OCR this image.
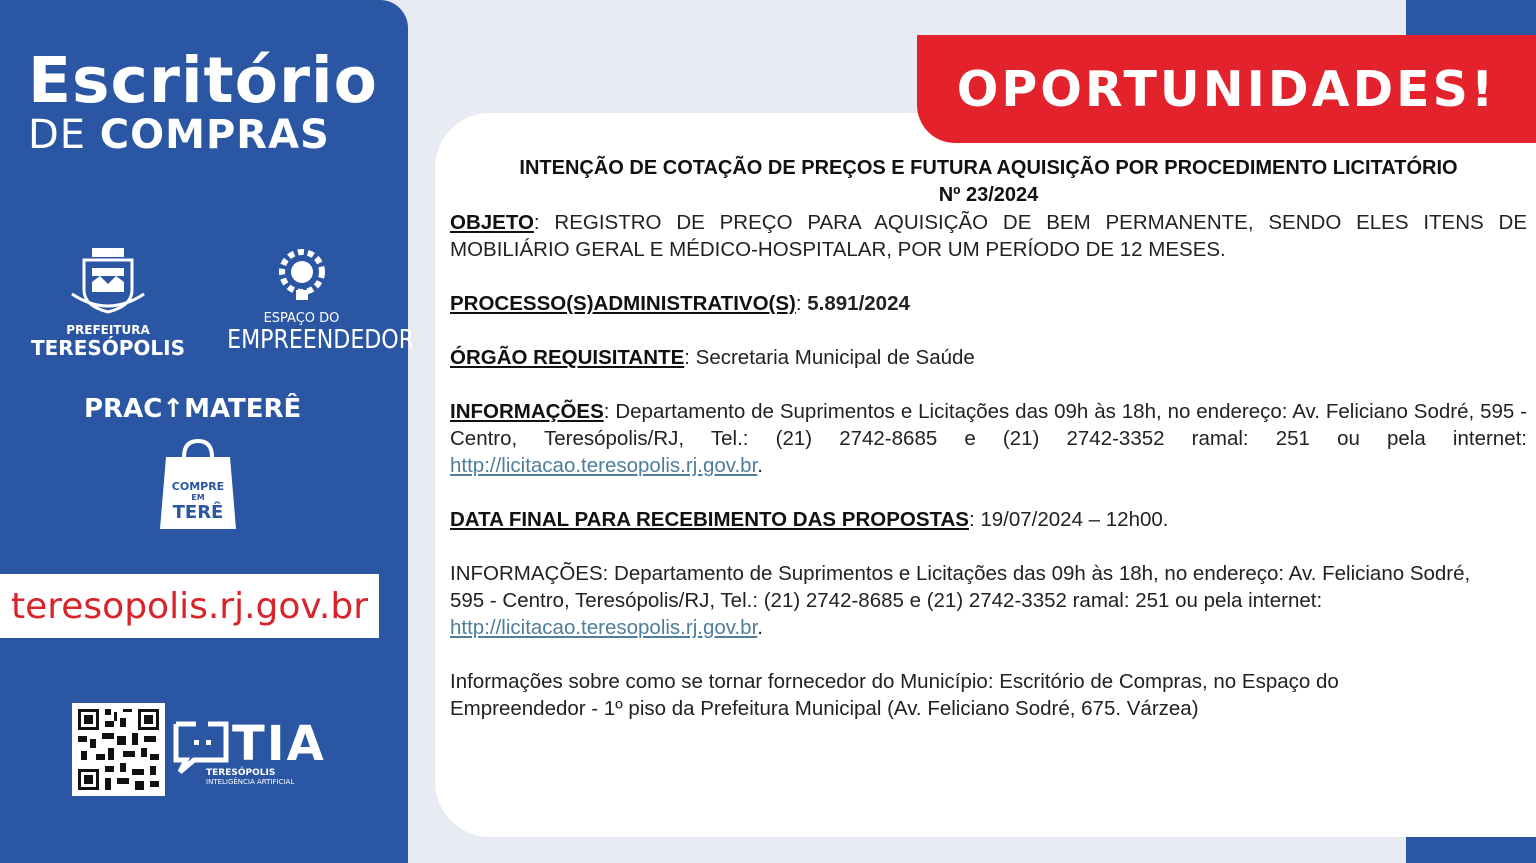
OPORTUNIDADES!
Escritório
DE COMPRAS
PREFEITURA
TERESÓPOLIS
ESPAÇO DO
EMPREENDEDOR
PRAC↑MATERÊ
COMPRE
EM
TERÊ
teresopolis.rj.gov.br
TIA
TERESÓPOLIS
INTELIGÊNCIA ARTIFICIAL
INTENÇÃO DE COTAÇÃO DE PREÇOS E FUTURA AQUISIÇÃO POR PROCEDIMENTO LICITATÓRIO
Nº 23/2024

OBJETO: REGISTRO DE PREÇO PARA AQUISIÇÃO DE BEM PERMANENTE, SENDO ELES ITENS DE MOBILIÁRIO GERAL E MÉDICO-HOSPITALAR, POR UM PERÍODO DE 12 MESES.

PROCESSO(S)ADMINISTRATIVO(S): 5.891/2024

ÓRGÃO REQUISITANTE: Secretaria Municipal de Saúde

INFORMAÇÕES: Departamento de Suprimentos e Licitações das 09h às 18h, no endereço: Av. Feliciano Sodré, 595 - Centro, Teresópolis/RJ, Tel.: (21) 2742-8685 e (21) 2742-3352 ramal: 251 ou pela internet: http://licitacao.teresopolis.rj.gov.br.

DATA FINAL PARA RECEBIMENTO DAS PROPOSTAS: 19/07/2024 – 12h00.

INFORMAÇÕES: Departamento de Suprimentos e Licitações das 09h às 18h, no endereço: Av. Feliciano Sodré, 595 - Centro, Teresópolis/RJ, Tel.: (21) 2742-8685 e (21) 2742-3352 ramal: 251 ou pela internet: http://licitacao.teresopolis.rj.gov.br.

Informações sobre como se tornar fornecedor do Município: Escritório de Compras, no Espaço do Empreendedor - 1º piso da Prefeitura Municipal (Av. Feliciano Sodré, 675. Várzea)
